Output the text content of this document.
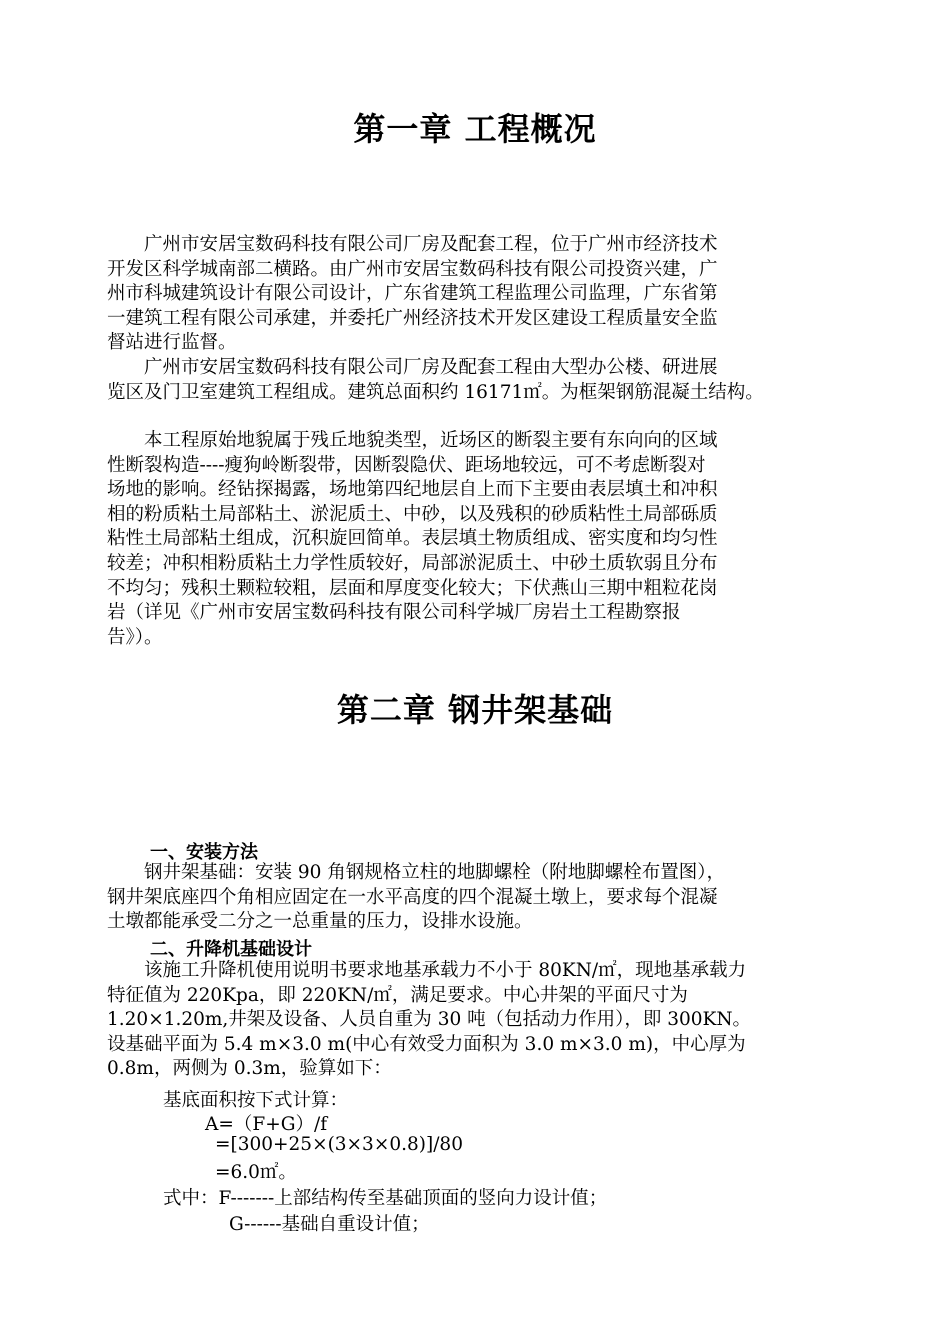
第一章 工程概况
　　广州市安居宝数码科技有限公司厂房及配套工程，位于广州市经济技术
开发区科学城南部二横路。由广州市安居宝数码科技有限公司投资兴建，广
州市科城建筑设计有限公司设计，广东省建筑工程监理公司监理，广东省第
一建筑工程有限公司承建，并委托广州经济技术开发区建设工程质量安全监
督站进行监督。
　　广州市安居宝数码科技有限公司厂房及配套工程由大型办公楼、研进展
览区及门卫室建筑工程组成。建筑总面积约 16171㎡。为框架钢筋混凝土结构。
　　本工程原始地貌属于残丘地貌类型，近场区的断裂主要有东向向的区域
性断裂构造----瘦狗岭断裂带，因断裂隐伏、距场地较远，可不考虑断裂对
场地的影响。经钻探揭露，场地第四纪地层自上而下主要由表层填土和冲积
相的粉质粘土局部粘土、淤泥质土、中砂，以及残积的砂质粘性土局部砾质
粘性土局部粘土组成，沉积旋回简单。表层填土物质组成、密实度和均匀性
较差；冲积相粉质粘土力学性质较好，局部淤泥质土、中砂土质软弱且分布
不均匀；残积土颗粒较粗，层面和厚度变化较大；下伏燕山三期中粗粒花岗
岩（详见《广州市安居宝数码科技有限公司科学城厂房岩土工程勘察报
告》）。
第二章 钢井架基础
一、安装方法
　　钢井架基础：安装 90 角钢规格立柱的地脚螺栓（附地脚螺栓布置图），
钢井架底座四个角相应固定在一水平高度的四个混凝土墩上，要求每个混凝
土墩都能承受二分之一总重量的压力，设排水设施。
二、升降机基础设计
　　该施工升降机使用说明书要求地基承载力不小于 80KN/㎡，现地基承载力
特征值为 220Kpa，即 220KN/㎡，满足要求。中心井架的平面尺寸为
1.20×1.20m,井架及设备、人员自重为 30 吨（包括动力作用），即 300KN。
设基础平面为 5.4 m×3.0 m(中心有效受力面积为 3.0 m×3.0 m)，中心厚为
0.8m，两侧为 0.3m，验算如下：

基底面积按下式计算：

A=（F+G）/f

=[300+25×(3×3×0.8)]/80

=6.0㎡。

式中：F-------上部结构传至基础顶面的竖向力设计值；

G------基础自重设计值；
